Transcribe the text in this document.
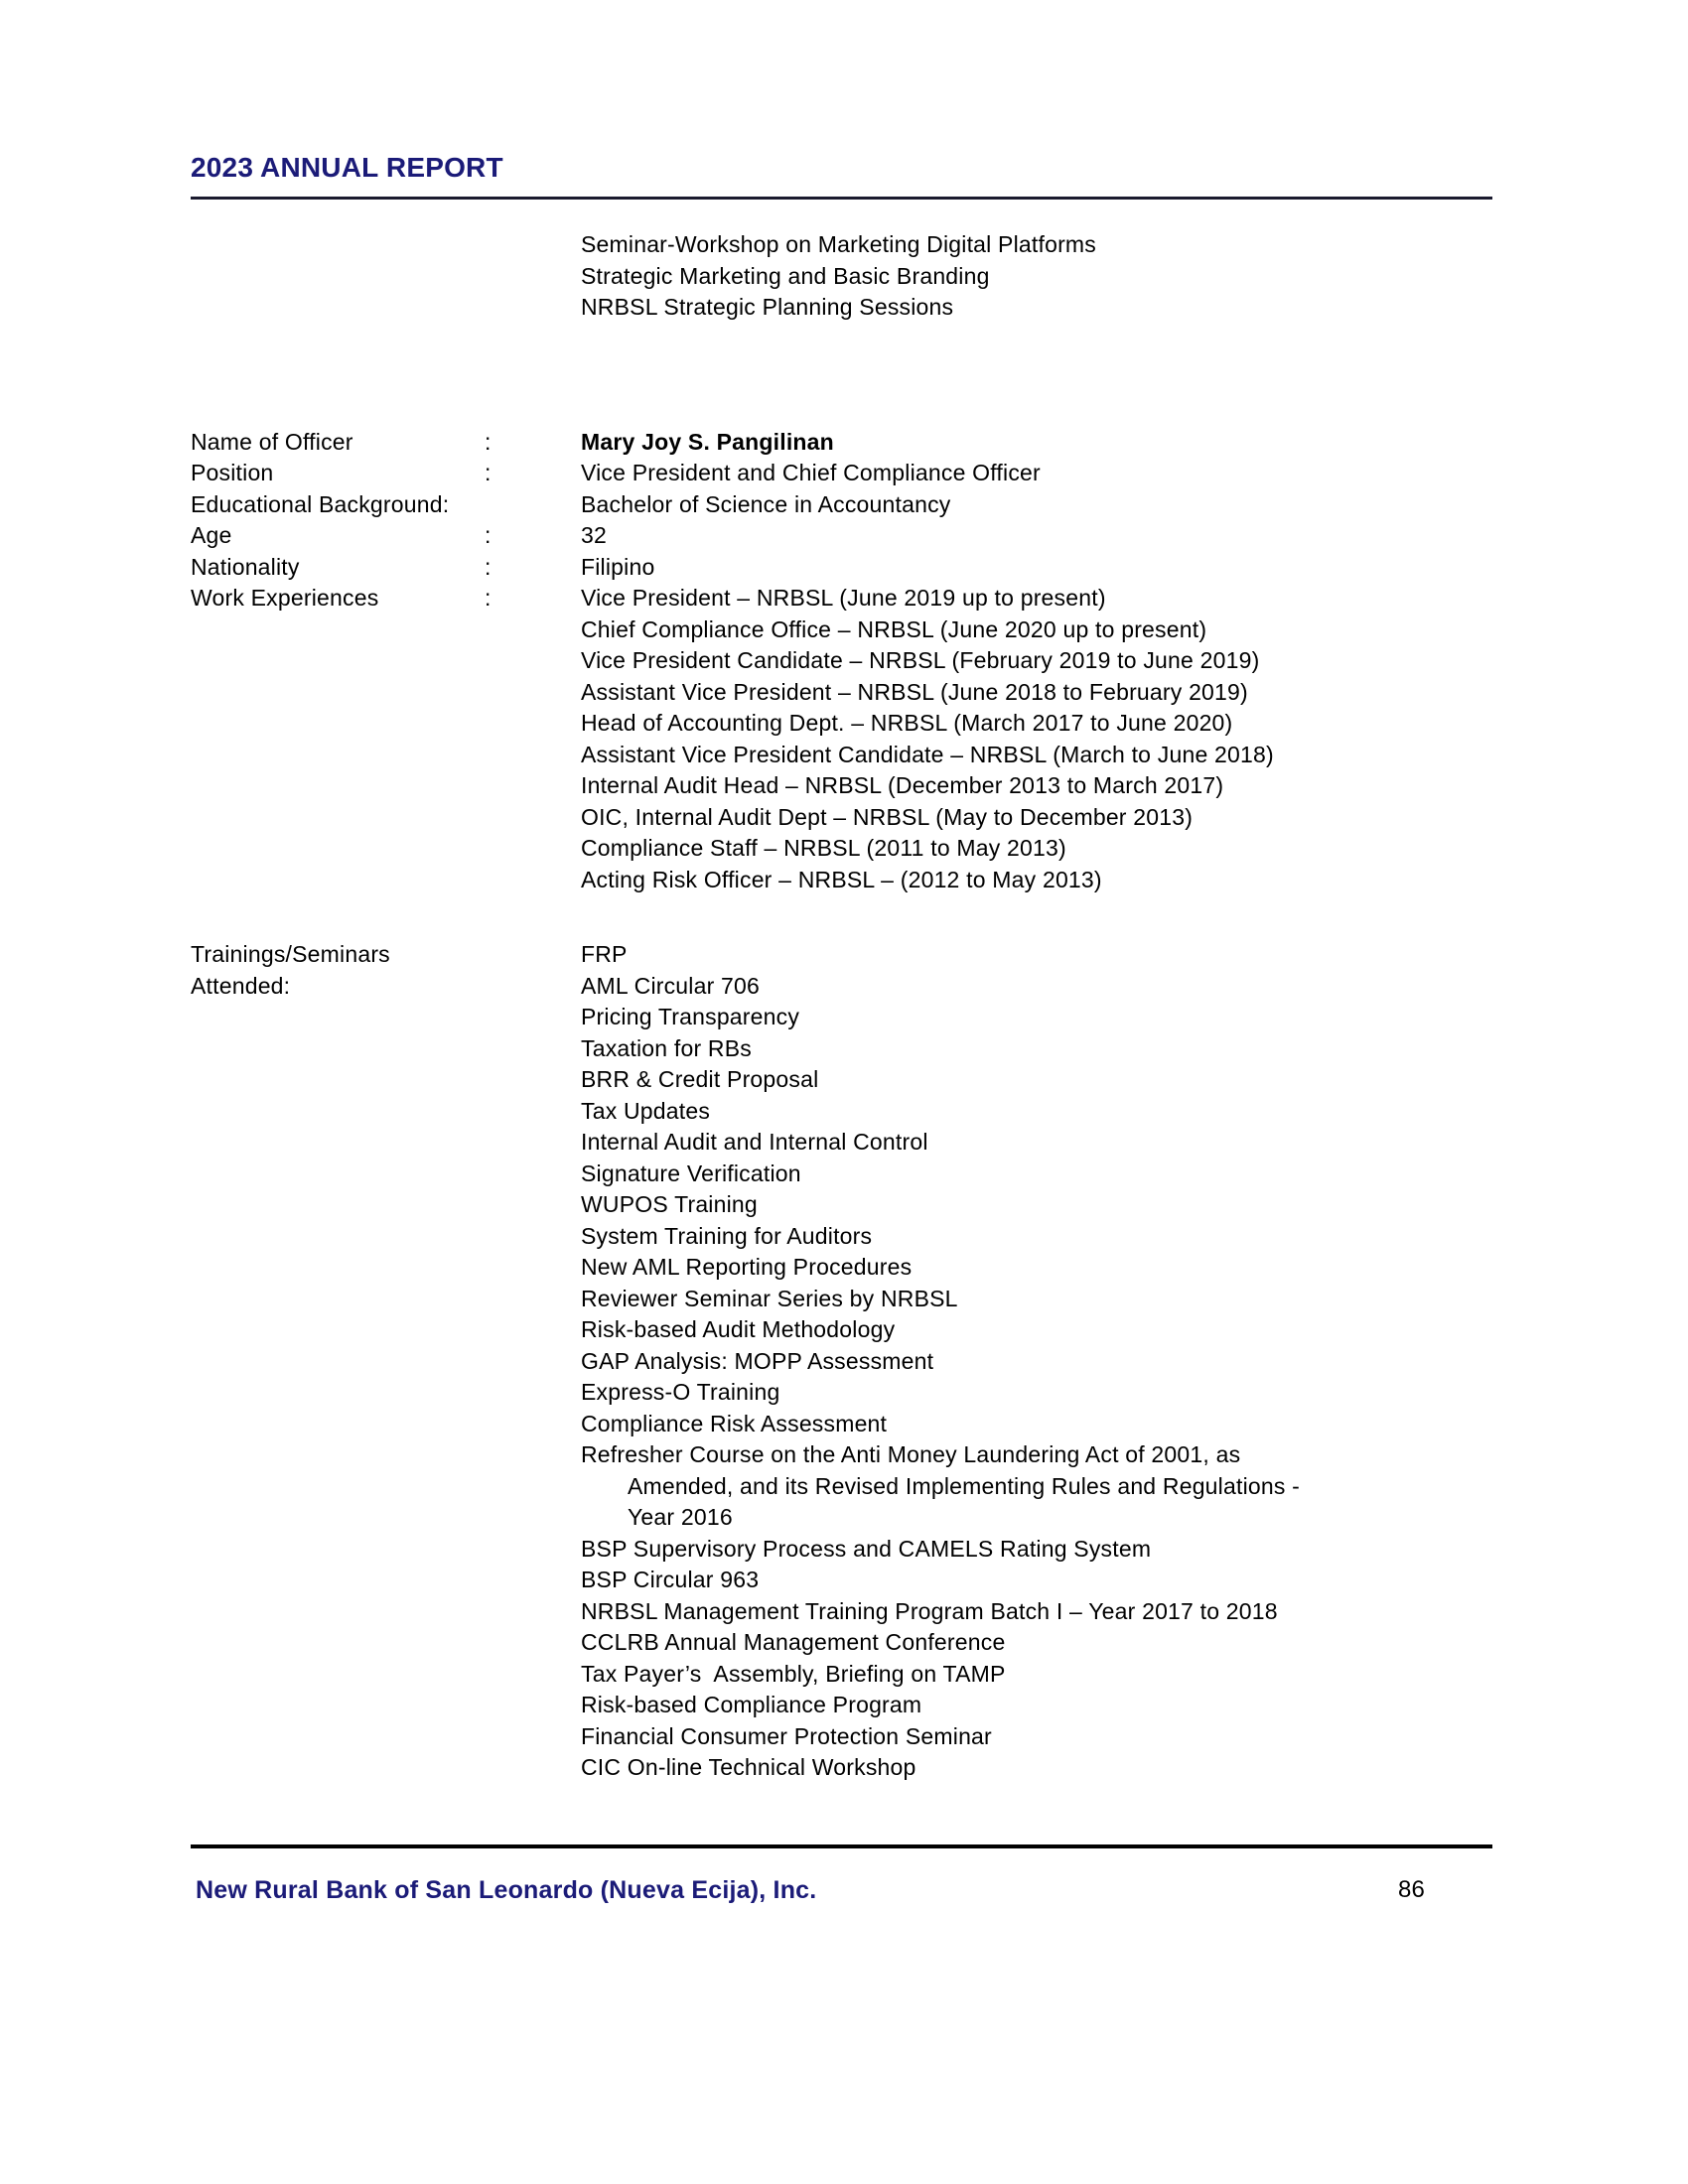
2023 ANNUAL REPORT
Seminar-Workshop on Marketing Digital Platforms
Strategic Marketing and Basic Branding
NRBSL Strategic Planning Sessions
Name of Officer	:	Mary Joy S. Pangilinan
Position	:	Vice President and Chief Compliance Officer
Educational Background:	Bachelor of Science in Accountancy
Age	:	32
Nationality	:	Filipino
Work Experiences	:	Vice President – NRBSL (June 2019 up to present)
Chief Compliance Office – NRBSL (June 2020 up to present)
Vice President Candidate – NRBSL (February 2019 to June 2019)
Assistant Vice President – NRBSL (June 2018 to February 2019)
Head of Accounting Dept. – NRBSL (March 2017 to June 2020)
Assistant Vice President Candidate – NRBSL (March to June 2018)
Internal Audit Head – NRBSL (December 2013 to March 2017)
OIC, Internal Audit Dept – NRBSL (May to December 2013)
Compliance Staff – NRBSL (2011 to May 2013)
Acting Risk Officer – NRBSL – (2012 to May 2013)
Trainings/Seminars Attended:
FRP
AML Circular 706
Pricing Transparency
Taxation for RBs
BRR & Credit Proposal
Tax Updates
Internal Audit and Internal Control
Signature Verification
WUPOS Training
System Training for Auditors
New AML Reporting Procedures
Reviewer Seminar Series by NRBSL
Risk-based Audit Methodology
GAP Analysis: MOPP Assessment
Express-O Training
Compliance Risk Assessment
Refresher Course on the Anti Money Laundering Act of 2001, as
Amended, and its Revised Implementing Rules and Regulations -
Year 2016
BSP Supervisory Process and CAMELS Rating System
BSP Circular 963
NRBSL Management Training Program Batch I – Year 2017 to 2018
CCLRB Annual Management Conference
Tax Payer’s  Assembly, Briefing on TAMP
Risk-based Compliance Program
Financial Consumer Protection Seminar
CIC On-line Technical Workshop
New Rural Bank of San Leonardo (Nueva Ecija), Inc.	86
